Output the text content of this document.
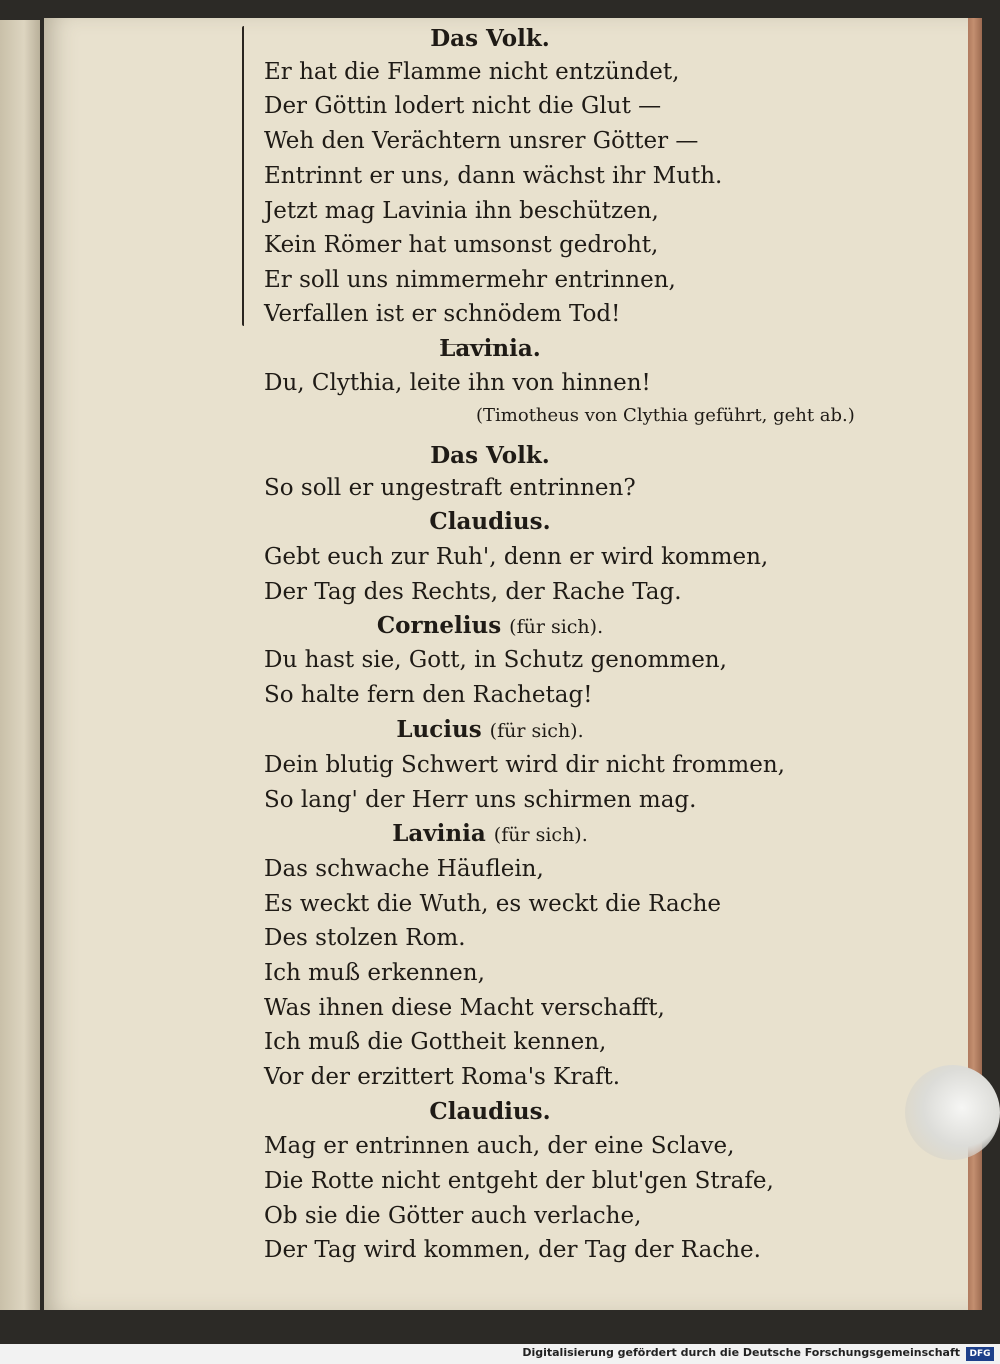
Das Volk.
Er hat die Flamme nicht entzündet,
Der Göttin lodert nicht die Glut —
Weh den Verächtern unsrer Götter —
Entrinnt er uns, dann wächst ihr Muth.
Jetzt mag Lavinia ihn beschützen,
Kein Römer hat umsonst gedroht,
Er soll uns nimmermehr entrinnen,
Verfallen ist er schnödem Tod!
Lavinia.
Du, Clythia, leite ihn von hinnen!
(Timotheus von Clythia geführt, geht ab.)
Das Volk.
So soll er ungestraft entrinnen?
Claudius.
Gebt euch zur Ruh', denn er wird kommen,
Der Tag des Rechts, der Rache Tag.
Cornelius (für sich).
Du hast sie, Gott, in Schutz genommen,
So halte fern den Rachetag!
Lucius (für sich).
Dein blutig Schwert wird dir nicht frommen,
So lang' der Herr uns schirmen mag.
Lavinia (für sich).
Das schwache Häuflein,
Es weckt die Wuth, es weckt die Rache
Des stolzen Rom.
Ich muß erkennen,
Was ihnen diese Macht verschafft,
Ich muß die Gottheit kennen,
Vor der erzittert Roma's Kraft.
Claudius.
Mag er entrinnen auch, der eine Sclave,
Die Rotte nicht entgeht der blut'gen Strafe,
Ob sie die Götter auch verlache,
Der Tag wird kommen, der Tag der Rache.
Digitalisierung gefördert durch die Deutsche Forschungsgemeinschaft	DFG
